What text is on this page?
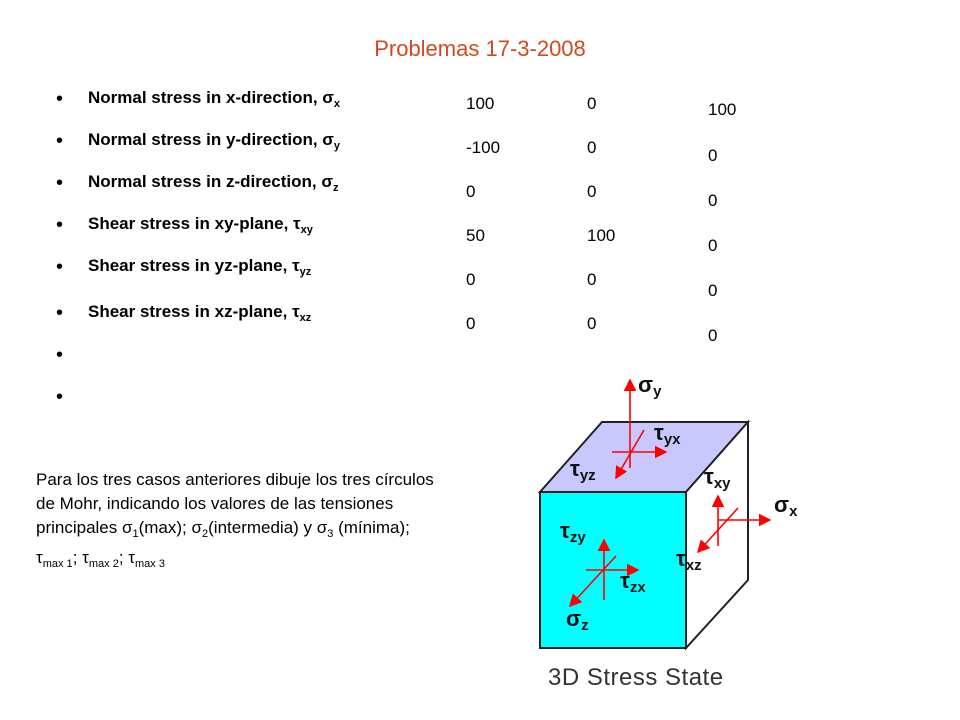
Problemas 17-3-2008
• Normal stress in x-direction, $\sigma_x$
• Normal stress in y-direction, $\sigma_y$
• Normal stress in z-direction, $\sigma_z$
• Shear stress in xy-plane, $\tau_{xy}$
• Shear stress in yz-plane, $\tau_{yz}$
• Shear stress in xz-plane, $\tau_{xz}$
•
•
100
-100
0
50
0
0
0
0
0
100
0
0
100
0
0
0
0
0
Para los tres casos anteriores dibuje los tres círculos de Mohr, indicando los valores de las tensiones principales $\sigma_1(\max)$; $\sigma_2(intermedia)$ y $\sigma_3$ (mínima); $\tau_{max 1}$; $\tau_{max 2}$; $\tau_{max 3}$
σy
τyx
τyz	τxy
σx
τxz
τzy
τzx
σz
3D Stress State
